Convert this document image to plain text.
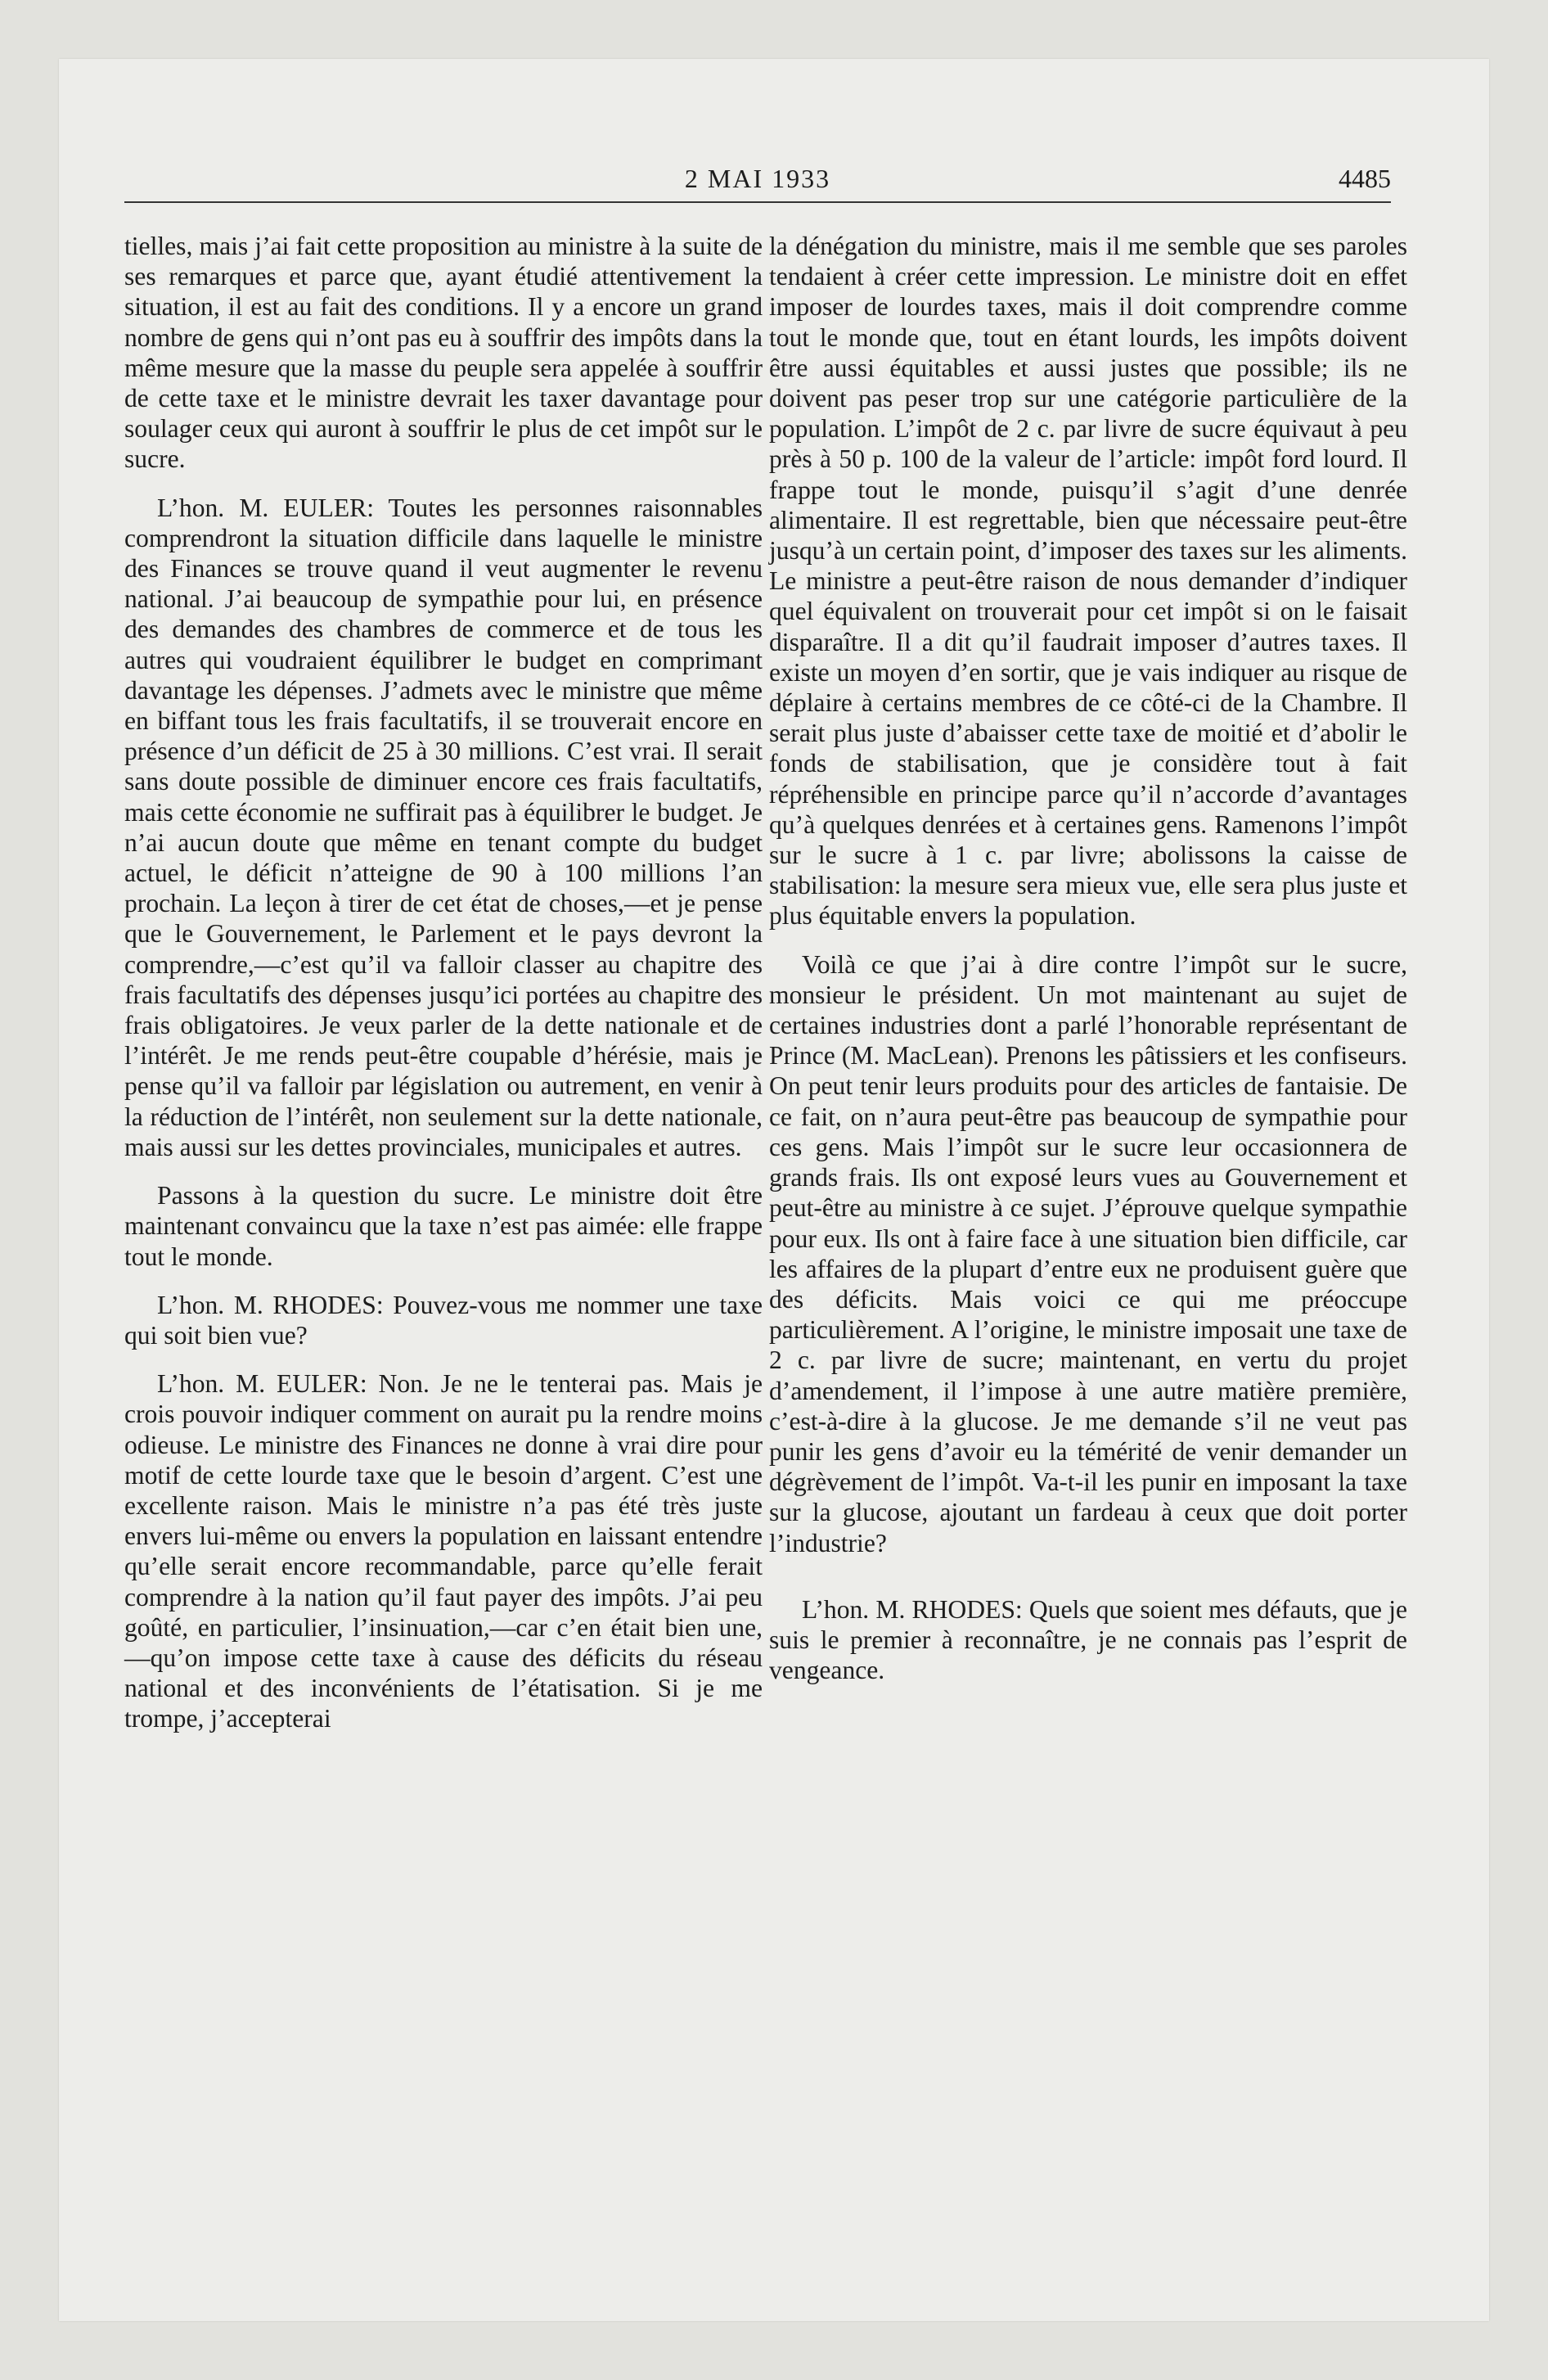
2 MAI 1933	4485

tielles, mais j’ai fait cette proposition au ministre à la suite de ses remarques et parce que, ayant étudié attentivement la situation, il est au fait des conditions. Il y a encore un grand nombre de gens qui n’ont pas eu à souffrir des impôts dans la même mesure que la masse du peuple sera appelée à souffrir de cette taxe et le ministre devrait les taxer davantage pour soulager ceux qui auront à souffrir le plus de cet impôt sur le sucre.

L’hon. M. EULER: Toutes les personnes raisonnables comprendront la situation difficile dans laquelle le ministre des Finances se trouve quand il veut augmenter le revenu national. J’ai beaucoup de sympathie pour lui, en présence des demandes des chambres de commerce et de tous les autres qui voudraient équilibrer le budget en comprimant davantage les dépenses. J’admets avec le ministre que même en biffant tous les frais facultatifs, il se trouverait encore en présence d’un déficit de 25 à 30 millions. C’est vrai. Il serait sans doute possible de diminuer encore ces frais facultatifs, mais cette économie ne suffirait pas à équilibrer le budget. Je n’ai aucun doute que même en tenant compte du budget actuel, le déficit n’atteigne de 90 à 100 millions l’an prochain. La leçon à tirer de cet état de choses,—et je pense que le Gouvernement, le Parlement et le pays devront la comprendre,—c’est qu’il va falloir classer au chapitre des frais facultatifs des dépenses jusqu’ici portées au chapitre des frais obligatoires. Je veux parler de la dette nationale et de l’intérêt. Je me rends peut-être coupable d’hérésie, mais je pense qu’il va falloir par législation ou autrement, en venir à la réduction de l’intérêt, non seulement sur la dette nationale, mais aussi sur les dettes provinciales, municipales et autres.

Passons à la question du sucre. Le ministre doit être maintenant convaincu que la taxe n’est pas aimée: elle frappe tout le monde.

L’hon. M. RHODES: Pouvez-vous me nommer une taxe qui soit bien vue?

L’hon. M. EULER: Non. Je ne le tenterai pas. Mais je crois pouvoir indiquer comment on aurait pu la rendre moins odieuse. Le ministre des Finances ne donne à vrai dire pour motif de cette lourde taxe que le besoin d’argent. C’est une excellente raison. Mais le ministre n’a pas été très juste envers lui-même ou envers la population en laissant entendre qu’elle serait encore recommandable, parce qu’elle ferait comprendre à la nation qu’il faut payer des impôts. J’ai peu goûté, en particulier, l’insinuation,—car c’en était bien une,—qu’on impose cette taxe à cause des déficits du réseau national et des inconvénients de l’étatisation. Si je me trompe, j’accepterai

la dénégation du ministre, mais il me semble que ses paroles tendaient à créer cette impression. Le ministre doit en effet imposer de lourdes taxes, mais il doit comprendre comme tout le monde que, tout en étant lourds, les impôts doivent être aussi équitables et aussi justes que possible; ils ne doivent pas peser trop sur une catégorie particulière de la population. L’impôt de 2 c. par livre de sucre équivaut à peu près à 50 p. 100 de la valeur de l’article: impôt ford lourd. Il frappe tout le monde, puisqu’il s’agit d’une denrée alimentaire. Il est regrettable, bien que nécessaire peut-être jusqu’à un certain point, d’imposer des taxes sur les aliments. Le ministre a peut-être raison de nous demander d’indiquer quel équivalent on trouverait pour cet impôt si on le faisait disparaître. Il a dit qu’il faudrait imposer d’autres taxes. Il existe un moyen d’en sortir, que je vais indiquer au risque de déplaire à certains membres de ce côté-ci de la Chambre. Il serait plus juste d’abaisser cette taxe de moitié et d’abolir le fonds de stabilisation, que je considère tout à fait répréhensible en principe parce qu’il n’accorde d’avantages qu’à quelques denrées et à certaines gens. Ramenons l’impôt sur le sucre à 1 c. par livre; abolissons la caisse de stabilisation: la mesure sera mieux vue, elle sera plus juste et plus équitable envers la population.

Voilà ce que j’ai à dire contre l’impôt sur le sucre, monsieur le président. Un mot maintenant au sujet de certaines industries dont a parlé l’honorable représentant de Prince (M. MacLean). Prenons les pâtissiers et les confiseurs. On peut tenir leurs produits pour des articles de fantaisie. De ce fait, on n’aura peut-être pas beaucoup de sympathie pour ces gens. Mais l’impôt sur le sucre leur occasionnera de grands frais. Ils ont exposé leurs vues au Gouvernement et peut-être au ministre à ce sujet. J’éprouve quelque sympathie pour eux. Ils ont à faire face à une situation bien difficile, car les affaires de la plupart d’entre eux ne produisent guère que des déficits. Mais voici ce qui me préoccupe particulièrement. A l’origine, le ministre imposait une taxe de 2 c. par livre de sucre; maintenant, en vertu du projet d’amendement, il l’impose à une autre matière première, c’est-à-dire à la glucose. Je me demande s’il ne veut pas punir les gens d’avoir eu la témérité de venir demander un dégrèvement de l’impôt. Va-t-il les punir en imposant la taxe sur la glucose, ajoutant un fardeau à ceux que doit porter l’industrie?

L’hon. M. RHODES: Quels que soient mes défauts, que je suis le premier à reconnaître, je ne connais pas l’esprit de vengeance.
